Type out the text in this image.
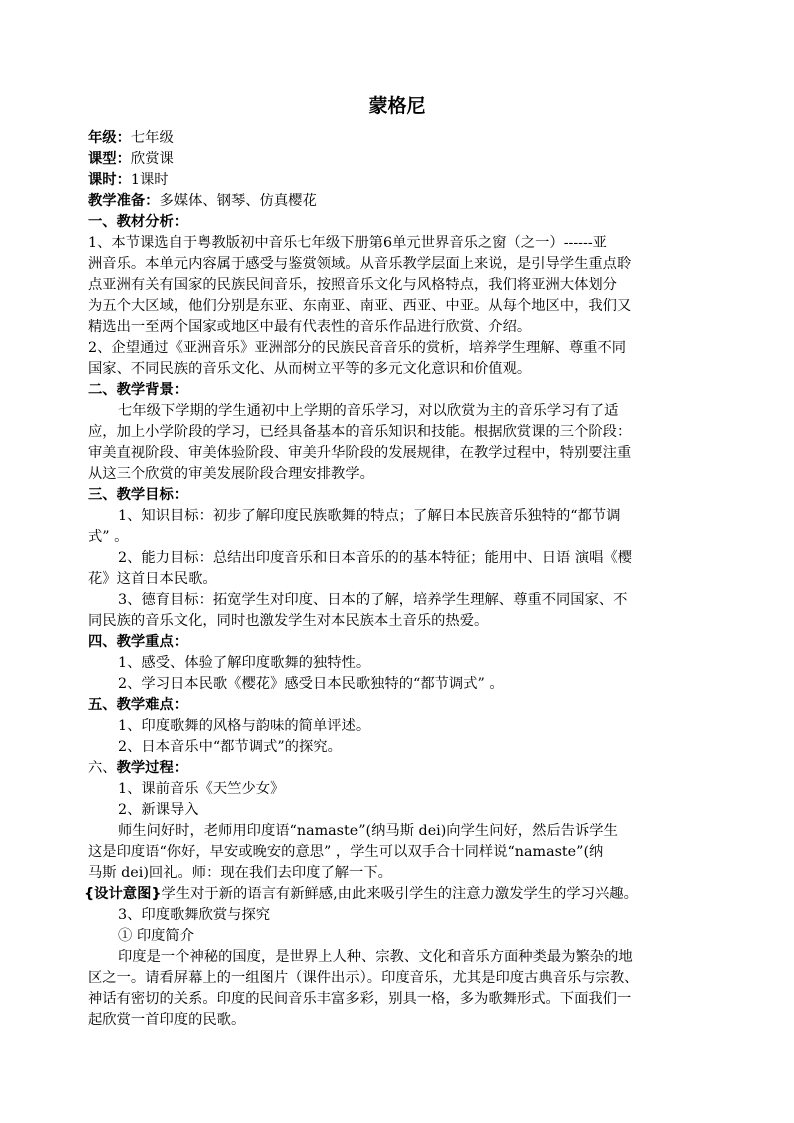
蒙格尼
年级：七年级
课型：欣赏课
课时：1课时
教学准备：多媒体、钢琴、仿真樱花
一、教材分析：
1、本节课选自于粤教版初中音乐七年级下册第6单元世界音乐之窗（之一）------亚
洲音乐。本单元内容属于感受与鉴赏领域。从音乐教学层面上来说，是引导学生重点聆
点亚洲有关有国家的民族民间音乐，按照音乐文化与风格特点，我们将亚洲大体划分
为五个大区域，他们分别是东亚、东南亚、南亚、西亚、中亚。从每个地区中，我们又
精选出一至两个国家或地区中最有代表性的音乐作品进行欣赏、介绍。
2、企望通过《亚洲音乐》亚洲部分的民族民音音乐的赏析，培养学生理解、尊重不同
国家、不同民族的音乐文化、从而树立平等的多元文化意识和价值观。
二、教学背景：
七年级下学期的学生通初中上学期的音乐学习，对以欣赏为主的音乐学习有了适
应，加上小学阶段的学习，已经具备基本的音乐知识和技能。根据欣赏课的三个阶段：
审美直视阶段、审美体验阶段、审美升华阶段的发展规律，在教学过程中，特别要注重
从这三个欣赏的审美发展阶段合理安排教学。
三、教学目标：
1、知识目标：初步了解印度民族歌舞的特点；了解日本民族音乐独特的“都节调
式” 。
2、能力目标：总结出印度音乐和日本音乐的的基本特征；能用中、日语 演唱《樱
花》这首日本民歌。
3、德育目标：拓宽学生对印度、日本的了解，培养学生理解、尊重不同国家、不
同民族的音乐文化，同时也激发学生对本民族本土音乐的热爱。
四、教学重点：
1、感受、体验了解印度歌舞的独特性。
2、学习日本民歌《樱花》感受日本民歌独特的“都节调式” 。
五、教学难点：
1、印度歌舞的风格与韵味的简单评述。
2、日本音乐中“都节调式”的探究。
六、教学过程：
1、课前音乐《天竺少女》
2、新课导入
师生问好时，老师用印度语“namaste”(纳马斯 dei)向学生问好，然后告诉学生
这是印度语“你好，早安或晚安的意思” ，学生可以双手合十同样说“namaste”(纳
马斯 dei)回礼。师：现在我们去印度了解一下。
{设计意图}学生对于新的语言有新鲜感,由此来吸引学生的注意力激发学生的学习兴趣。
3、印度歌舞欣赏与探究
① 印度简介
印度是一个神秘的国度，是世界上人种、宗教、文化和音乐方面种类最为繁杂的地
区之一。请看屏幕上的一组图片（课件出示）。印度音乐，尤其是印度古典音乐与宗教、
神话有密切的关系。印度的民间音乐丰富多彩，别具一格，多为歌舞形式。下面我们一
起欣赏一首印度的民歌。
